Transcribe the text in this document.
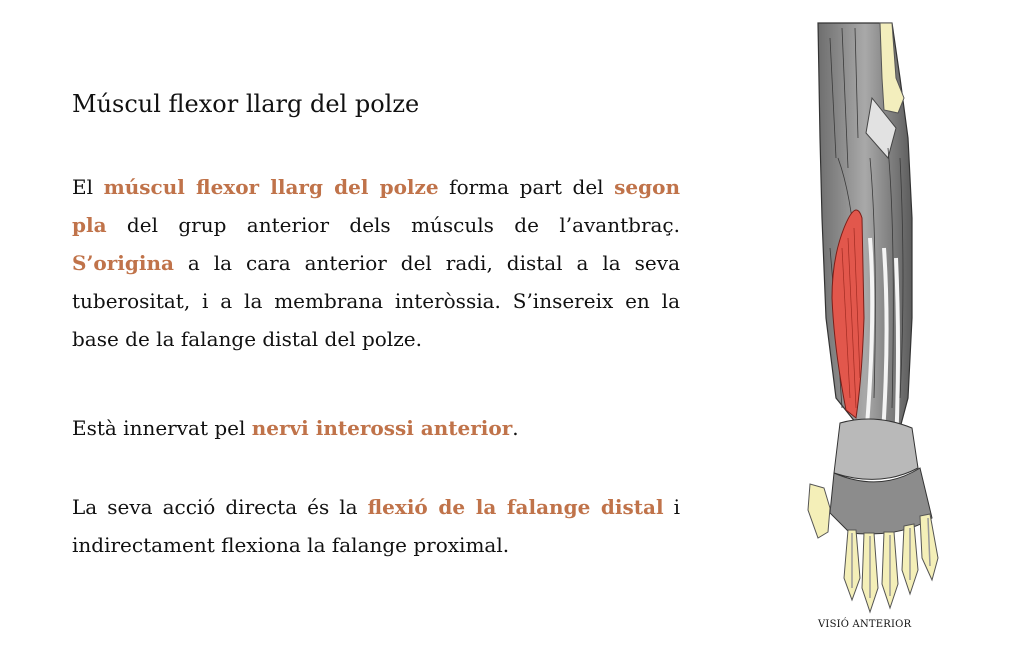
Múscul flexor llarg del polze
El múscul flexor llarg del polze forma part del segon pla del grup anterior dels músculs de l’avantbraç. S’origina a la cara anterior del radi, distal a la seva tuberositat, i a la membrana interòssia. S’insereix en la base de la falange distal del polze.
Està innervat pel nervi interossi anterior.
La seva acció directa és la flexió de la falange distal i indirectament flexiona la falange proximal.
VISIÓ ANTERIOR
